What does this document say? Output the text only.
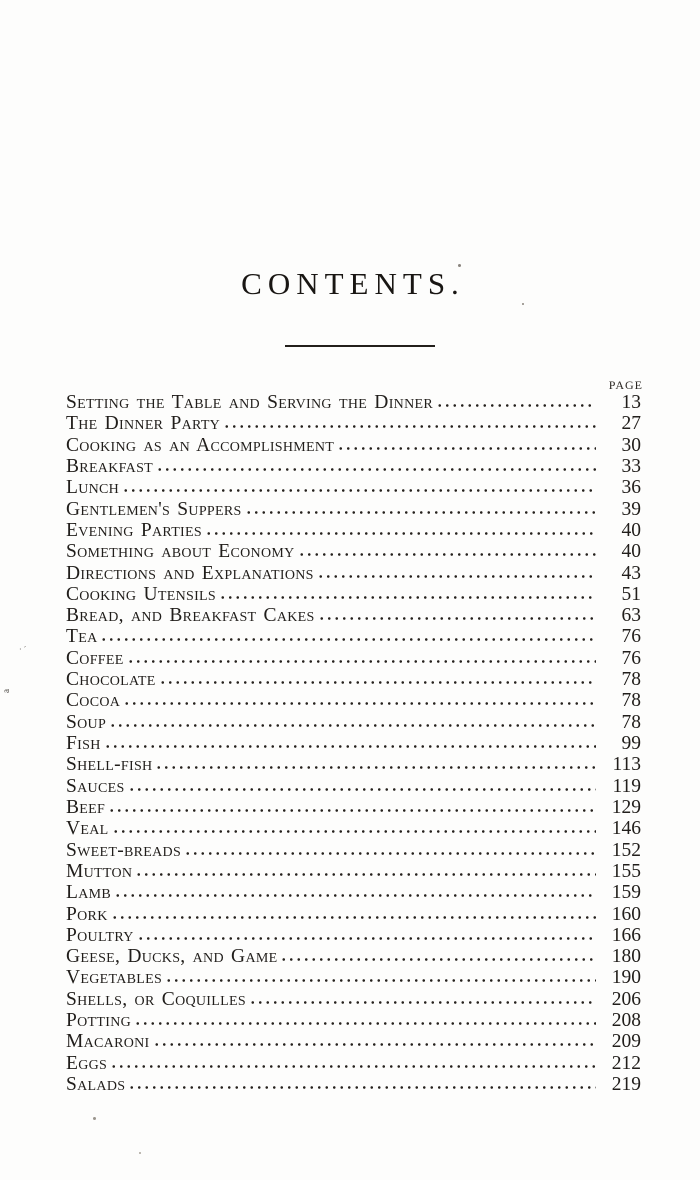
·´
a
CONTENTS.
PAGE
Setting the Table and Serving the Dinner	13
The Dinner Party	27
Cooking as an Accomplishment	30
Breakfast	33
Lunch	36
Gentlemen's Suppers	39
Evening Parties	40
Something about Economy	40
Directions and Explanations	43
Cooking Utensils	51
Bread, and Breakfast Cakes	63
Tea	76
Coffee	76
Chocolate	78
Cocoa	78
Soup	78
Fish	99
Shell-fish	113
Sauces	119
Beef	129
Veal	146
Sweet-breads	152
Mutton	155
Lamb	159
Pork	160
Poultry	166
Geese, Ducks, and Game	180
Vegetables	190
Shells, or Coquilles	206
Potting	208
Macaroni	209
Eggs	212
Salads	219
